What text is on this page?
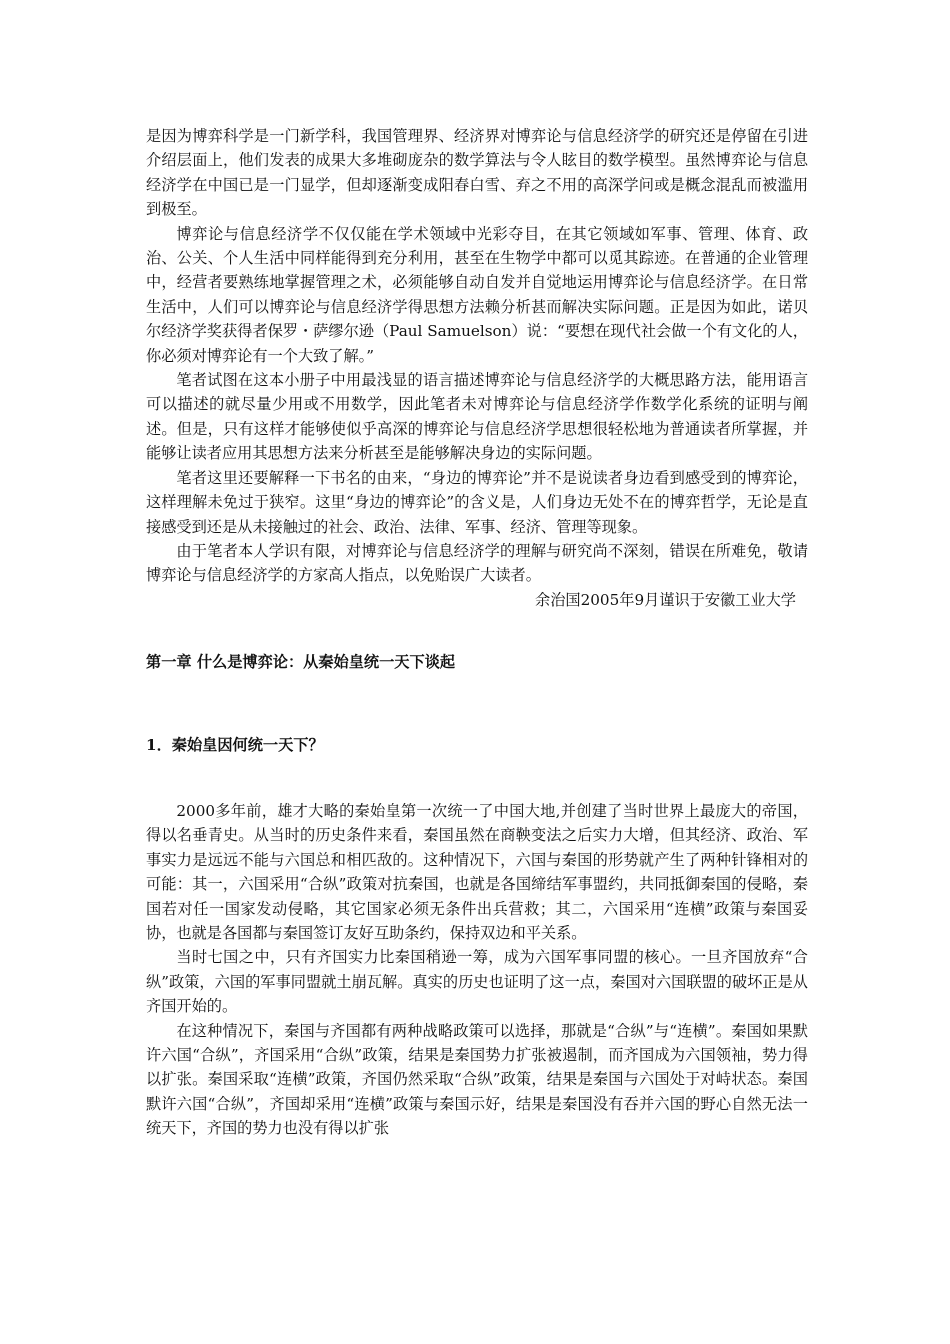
是因为博弈科学是一门新学科，我国管理界、经济界对博弈论与信息经济学的研究还是停留在引进介绍层面上，他们发表的成果大多堆砌庞杂的数学算法与令人眩目的数学模型。虽然博弈论与信息经济学在中国已是一门显学，但却逐渐变成阳春白雪、弃之不用的高深学问或是概念混乱而被滥用到极至。

博弈论与信息经济学不仅仅能在学术领域中光彩夺目，在其它领域如军事、管理、体育、政治、公关、个人生活中同样能得到充分利用，甚至在生物学中都可以觅其踪迹。在普通的企业管理中，经营者要熟练地掌握管理之术，必须能够自动自发并自觉地运用博弈论与信息经济学。在日常生活中，人们可以博弈论与信息经济学得思想方法赖分析甚而解决实际问题。正是因为如此，诺贝尔经济学奖获得者保罗・萨缪尔逊（Paul Samuelson）说：“要想在现代社会做一个有文化的人，你必须对博弈论有一个大致了解。”

笔者试图在这本小册子中用最浅显的语言描述博弈论与信息经济学的大概思路方法，能用语言可以描述的就尽量少用或不用数学，因此笔者未对博弈论与信息经济学作数学化系统的证明与阐述。但是，只有这样才能够使似乎高深的博弈论与信息经济学思想很轻松地为普通读者所掌握，并能够让读者应用其思想方法来分析甚至是能够解决身边的实际问题。

笔者这里还要解释一下书名的由来，“身边的博弈论”并不是说读者身边看到感受到的博弈论，这样理解未免过于狭窄。这里“身边的博弈论”的含义是，人们身边无处不在的博弈哲学，无论是直接感受到还是从未接触过的社会、政治、法律、军事、经济、管理等现象。

由于笔者本人学识有限，对博弈论与信息经济学的理解与研究尚不深刻，错误在所难免，敬请博弈论与信息经济学的方家高人指点，以免贻误广大读者。

余治国2005年9月谨识于安徽工业大学

第一章 什么是博弈论：从秦始皇统一天下谈起
1．秦始皇因何统一天下？

2000多年前，雄才大略的秦始皇第一次统一了中国大地,并创建了当时世界上最庞大的帝国，得以名垂青史。从当时的历史条件来看，秦国虽然在商鞅变法之后实力大增，但其经济、政治、军事实力是远远不能与六国总和相匹敌的。这种情况下，六国与秦国的形势就产生了两种针锋相对的可能：其一，六国采用“合纵”政策对抗秦国，也就是各国缔结军事盟约，共同抵御秦国的侵略，秦国若对任一国家发动侵略，其它国家必须无条件出兵营救；其二，六国采用“连横”政策与秦国妥协，也就是各国都与秦国签订友好互助条约，保持双边和平关系。

当时七国之中，只有齐国实力比秦国稍逊一筹，成为六国军事同盟的核心。一旦齐国放弃“合纵”政策，六国的军事同盟就土崩瓦解。真实的历史也证明了这一点，秦国对六国联盟的破坏正是从齐国开始的。

在这种情况下，秦国与齐国都有两种战略政策可以选择，那就是“合纵”与“连横”。秦国如果默许六国“合纵”，齐国采用“合纵”政策，结果是秦国势力扩张被遏制，而齐国成为六国领袖，势力得以扩张。秦国采取“连横”政策，齐国仍然采取“合纵”政策，结果是秦国与六国处于对峙状态。秦国默许六国“合纵”，齐国却采用“连横”政策与秦国示好，结果是秦国没有吞并六国的野心自然无法一统天下，齐国的势力也没有得以扩张
